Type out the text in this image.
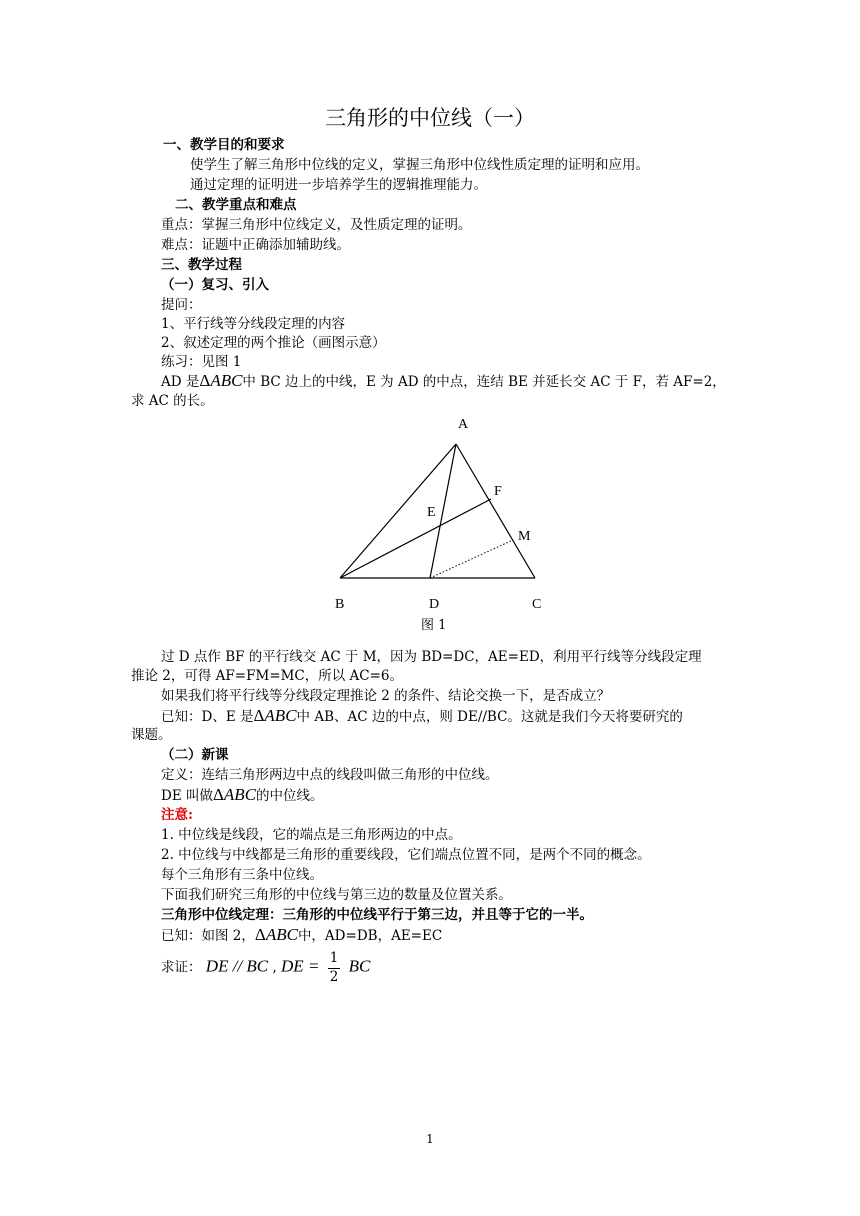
三角形的中位线（一）
一、教学目的和要求
使学生了解三角形中位线的定义，掌握三角形中位线性质定理的证明和应用。
通过定理的证明进一步培养学生的逻辑推理能力。
二、教学重点和难点
重点：掌握三角形中位线定义，及性质定理的证明。
难点：证题中正确添加辅助线。
三、教学过程
（一）复习、引入
提问：
1、平行线等分线段定理的内容
2、叙述定理的两个推论（画图示意）
练习：见图 1
AD 是ΔABC中 BC 边上的中线，E 为 AD 的中点，连结 BE 并延长交 AC 于 F，若 AF=2，
求 AC 的长。
A
F
E
M
B	D	C
图 1
过 D 点作 BF 的平行线交 AC 于 M，因为 BD=DC，AE=ED，利用平行线等分线段定理
推论 2，可得 AF=FM=MC，所以 AC=6。
如果我们将平行线等分线段定理推论 2 的条件、结论交换一下，是否成立？
已知：D、E 是ΔABC中 AB、AC 边的中点，则 DE//BC。这就是我们今天将要研究的
课题。
（二）新课
定义：连结三角形两边中点的线段叫做三角形的中位线。
DE 叫做ΔABC的中位线。
注意:
1. 中位线是线段，它的端点是三角形两边的中点。
2. 中位线与中线都是三角形的重要线段，它们端点位置不同，是两个不同的概念。
每个三角形有三条中位线。
下面我们研究三角形的中位线与第三边的数量及位置关系。
三角形中位线定理：三角形的中位线平行于第三边，并且等于它的一半。
已知：如图 2，ΔABC中，AD=DB，AE=EC
求证： DE // BC , DE = $\frac{1}{2}$ BC
1
